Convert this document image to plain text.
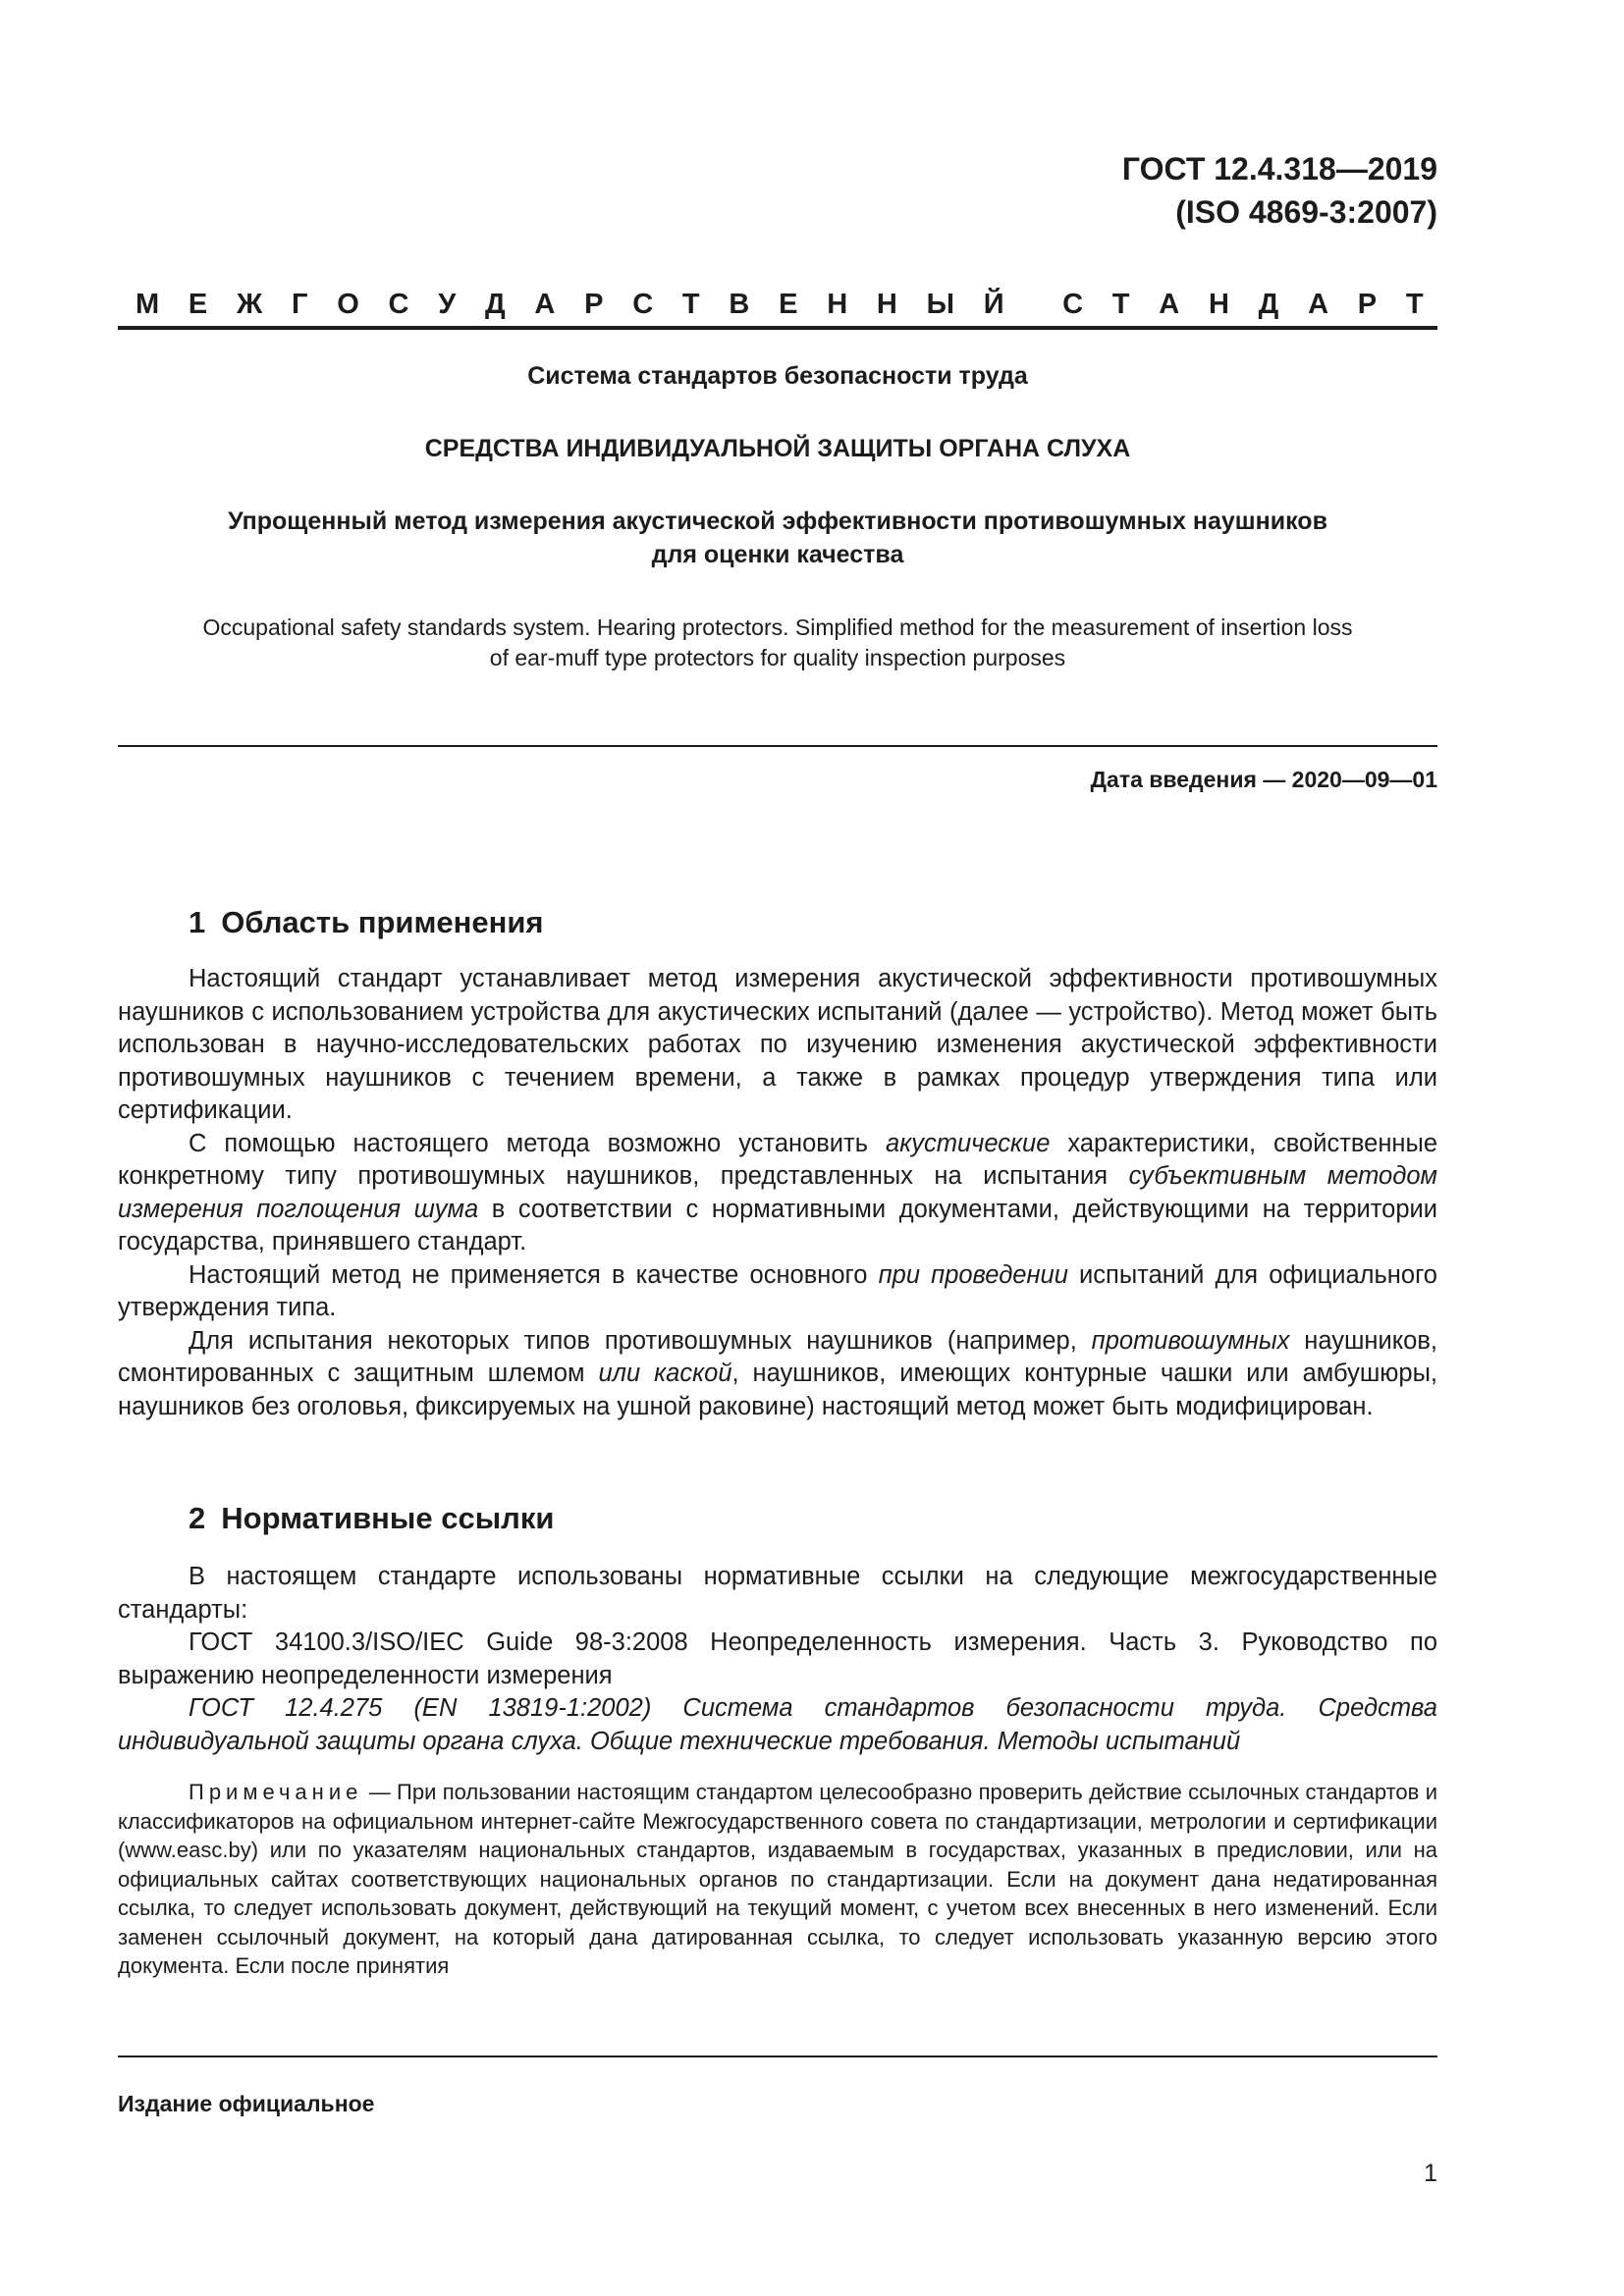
ГОСТ 12.4.318—2019
(ISO 4869-3:2007)
М Е Ж Г О С У Д А Р С Т В Е Н Н Ы Й С Т А Н Д А Р Т
Система стандартов безопасности труда
СРЕДСТВА ИНДИВИДУАЛЬНОЙ ЗАЩИТЫ ОРГАНА СЛУХА
Упрощенный метод измерения акустической эффективности противошумных наушников
для оценки качества
Occupational safety standards system. Hearing protectors. Simplified method for the measurement of insertion loss
of ear-muff type protectors for quality inspection purposes
Дата введения — 2020—09—01
1 Область применения

Настоящий стандарт устанавливает метод измерения акустической эффективности противошумных наушников с использованием устройства для акустических испытаний (далее — устройство). Метод может быть использован в научно-исследовательских работах по изучению изменения акустической эффективности противошумных наушников с течением времени, а также в рамках процедур утверждения типа или сертификации.

С помощью настоящего метода возможно установить акустические характеристики, свойственные конкретному типу противошумных наушников, представленных на испытания субъективным методом измерения поглощения шума в соответствии с нормативными документами, действующими на территории государства, принявшего стандарт.

Настоящий метод не применяется в качестве основного при проведении испытаний для официального утверждения типа.

Для испытания некоторых типов противошумных наушников (например, противошумных наушников, смонтированных с защитным шлемом или каской, наушников, имеющих контурные чашки или амбушюры, наушников без оголовья, фиксируемых на ушной раковине) настоящий метод может быть модифицирован.

2 Нормативные ссылки

В настоящем стандарте использованы нормативные ссылки на следующие межгосударственные стандарты:

ГОСТ 34100.3/ISO/IEC Guide 98-3:2008 Неопределенность измерения. Часть 3. Руководство по выражению неопределенности измерения

ГОСТ 12.4.275 (EN 13819-1:2002) Система стандартов безопасности труда. Средства индивидуальной защиты органа слуха. Общие технические требования. Методы испытаний

Примечание — При пользовании настоящим стандартом целесообразно проверить действие ссылочных стандартов и классификаторов на официальном интернет-сайте Межгосударственного совета по стандартизации, метрологии и сертификации (www.easc.by) или по указателям национальных стандартов, издаваемым в государствах, указанных в предисловии, или на официальных сайтах соответствующих национальных органов по стандартизации. Если на документ дана недатированная ссылка, то следует использовать документ, действующий на текущий момент, с учетом всех внесенных в него изменений. Если заменен ссылочный документ, на который дана датированная ссылка, то следует использовать указанную версию этого документа. Если после принятия

Издание официальное
1
